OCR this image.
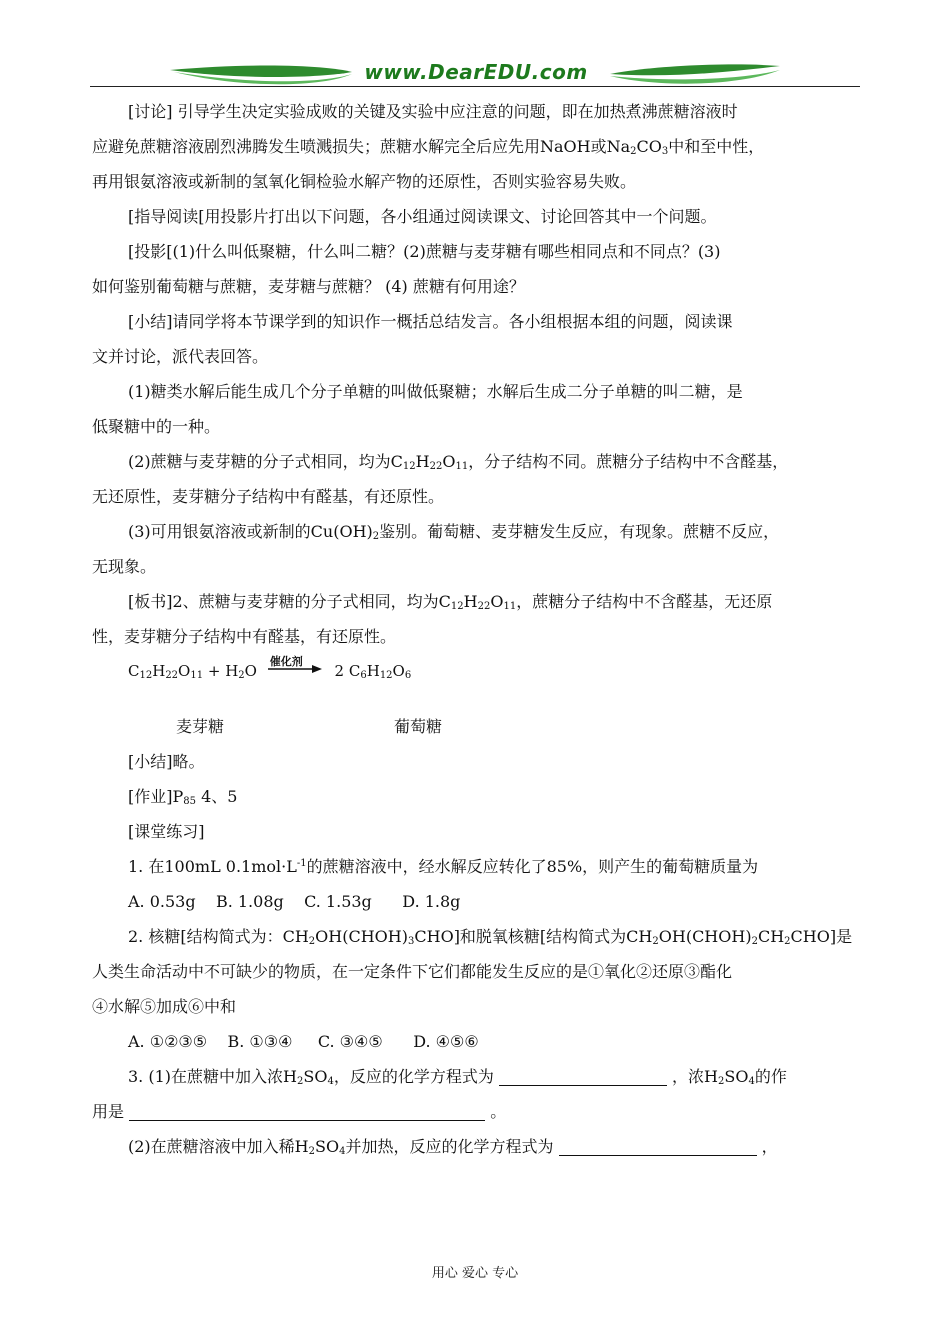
www.DearEDU.com

[讨论] 引导学生决定实验成败的关键及实验中应注意的问题，即在加热煮沸蔗糖溶液时

应避免蔗糖溶液剧烈沸腾发生喷溅损失；蔗糖水解完全后应先用NaOH或$Na_2CO_3$中和至中性，

再用银氨溶液或新制的氢氧化铜检验水解产物的还原性，否则实验容易失败。

[指导阅读[用投影片打出以下问题，各小组通过阅读课文、讨论回答其中一个问题。

[投影[(1)什么叫低聚糖，什么叫二糖？(2)蔗糖与麦芽糖有哪些相同点和不同点？(3)

如何鉴别葡萄糖与蔗糖，麦芽糖与蔗糖？ (4) 蔗糖有何用途？

[小结]请同学将本节课学到的知识作一概括总结发言。各小组根据本组的问题，阅读课

文并讨论，派代表回答。

(1)糖类水解后能生成几个分子单糖的叫做低聚糖；水解后生成二分子单糖的叫二糖，是

低聚糖中的一种。

(2)蔗糖与麦芽糖的分子式相同，均为$C_{12}H_{22}O_{11}$，分子结构不同。蔗糖分子结构中不含醛基，

无还原性，麦芽糖分子结构中有醛基，有还原性。

(3)可用银氨溶液或新制的$Cu(OH)_2$鉴别。葡萄糖、麦芽糖发生反应，有现象。蔗糖不反应，

无现象。

[板书]2、蔗糖与麦芽糖的分子式相同，均为$C_{12}H_{22}O_{11}$，蔗糖分子结构中不含醛基，无还原

性，麦芽糖分子结构中有醛基，有还原性。

$C_{12}H_{22}O_{11} + H_2O$
催化剂
2 $C_6H_{12}O_6$

麦芽糖	葡萄糖

[小结]略。

[作业]$P_{85}$ 4、5

[课堂练习]

1. 在100mL $0.1mol\cdot L^{-1}$的蔗糖溶液中，经水解反应转化了85%，则产生的葡萄糖质量为

A. 0.53g    B. 1.08g    C. 1.53g      D. 1.8g

2. 核糖[结构简式为：$CH_2OH(CHOH)_3CHO$]和脱氧核糖[结构简式为$CH_2OH(CHOH)_2CH_2CHO$]是

人类生命活动中不可缺少的物质，在一定条件下它们都能发生反应的是①氧化②还原③酯化

④水解⑤加成⑥中和

A. ①②③⑤    B. ①③④     C. ③④⑤      D. ④⑤⑥

3. (1)在蔗糖中加入浓$H_2SO_4$，反应的化学方程式为	，浓$H_2SO_4$的作

用是	。

(2)在蔗糖溶液中加入稀$H_2SO_4$并加热，反应的化学方程式为	，

用心 爱心 专心
